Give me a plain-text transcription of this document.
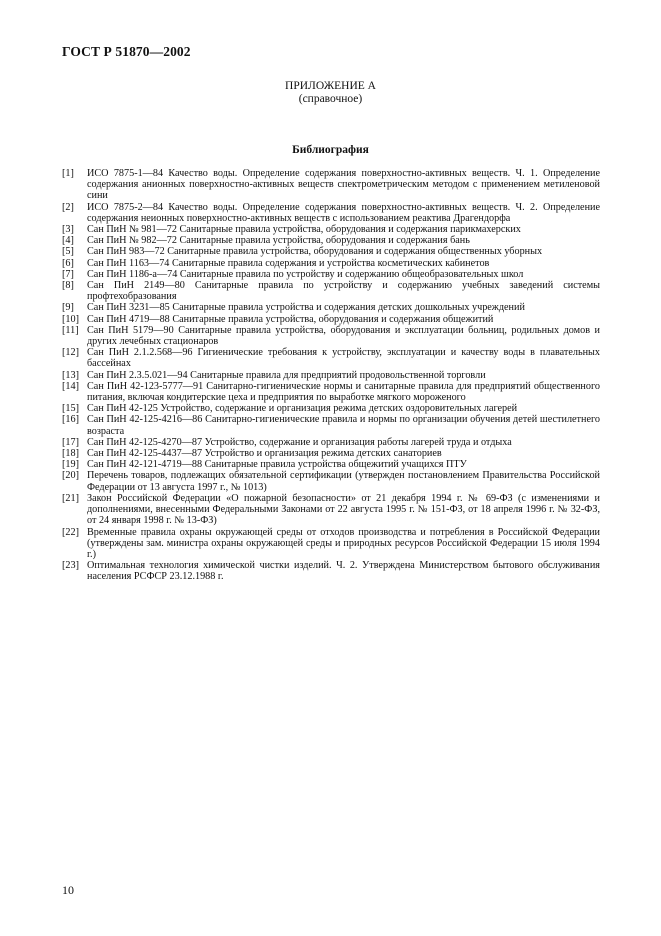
ГОСТ Р 51870—2002
ПРИЛОЖЕНИЕ А
(справочное)
Библиография
[1]	ИСО 7875-1—84 Качество воды. Определение содержания поверхностно-активных веществ. Ч. 1. Определение содержания анионных поверхностно-активных веществ спектрометрическим методом с применением метиленовой сини
[2]	ИСО 7875-2—84 Качество воды. Определение содержания поверхностно-активных веществ. Ч. 2. Определение содержания неионных поверхностно-активных веществ с использованием реактива Драгендорфа
[3]	Сан ПиН № 981—72 Санитарные правила устройства, оборудования и содержания парикмахерских
[4]	Сан ПиН № 982—72 Санитарные правила устройства, оборудования и содержания бань
[5]	Сан ПиН 983—72 Санитарные правила устройства, оборудования и содержания общественных уборных
[6]	Сан ПиН 1163—74 Санитарные правила содержания и устройства косметических кабинетов
[7]	Сан ПиН 1186-а—74 Санитарные правила по устройству и содержанию общеобразовательных школ
[8]	Сан ПиН 2149—80 Санитарные правила по устройству и содержанию учебных заведений системы профтехобразования
[9]	Сан ПиН 3231—85 Санитарные правила устройства и содержания детских дошкольных учреждений
[10] Сан ПиН 4719—88 Санитарные правила устройства, оборудования и содержания общежитий
[11] Сан ПиН 5179—90 Санитарные правила устройства, оборудования и эксплуатации больниц, родильных домов и других лечебных стационаров
[12] Сан ПиН 2.1.2.568—96 Гигиенические требования к устройству, эксплуатации и качеству воды в плавательных бассейнах
[13] Сан ПиН 2.3.5.021—94 Санитарные правила для предприятий продовольственной торговли
[14] Сан ПиН 42-123-5777—91 Санитарно-гигиенические нормы и санитарные правила для предприятий общественного питания, включая кондитерские цеха и предприятия по выработке мягкого мороженого
[15] Сан ПиН 42-125 Устройство, содержание и организация режима детских оздоровительных лагерей
[16] Сан ПиН 42-125-4216—86 Санитарно-гигиенические правила и нормы по организации обучения детей шестилетнего возраста
[17] Сан ПиН 42-125-4270—87 Устройство, содержание и организация работы лагерей труда и отдыха
[18] Сан ПиН 42-125-4437—87 Устройство и организация режима детских санаториев
[19] Сан ПиН 42-121-4719—88 Санитарные правила устройства общежитий учащихся ПТУ
[20] Перечень товаров, подлежащих обязательной сертификации (утвержден постановлением Правительства Российской Федерации от 13 августа 1997 г., № 1013)
[21] Закон Российской Федерации «О пожарной безопасности» от 21 декабря 1994 г. № 69-ФЗ (с изменениями и дополнениями, внесенными Федеральными Законами от 22 августа 1995 г. № 151-ФЗ, от 18 апреля 1996 г. № 32-ФЗ, от 24 января 1998 г. № 13-ФЗ)
[22] Временные правила охраны окружающей среды от отходов производства и потребления в Российской Федерации (утверждены зам. министра охраны окружающей среды и природных ресурсов Российской Федерации 15 июля 1994 г.)
[23] Оптимальная технология химической чистки изделий. Ч. 2. Утверждена Министерством бытового обслуживания населения РСФСР 23.12.1988 г.
10
